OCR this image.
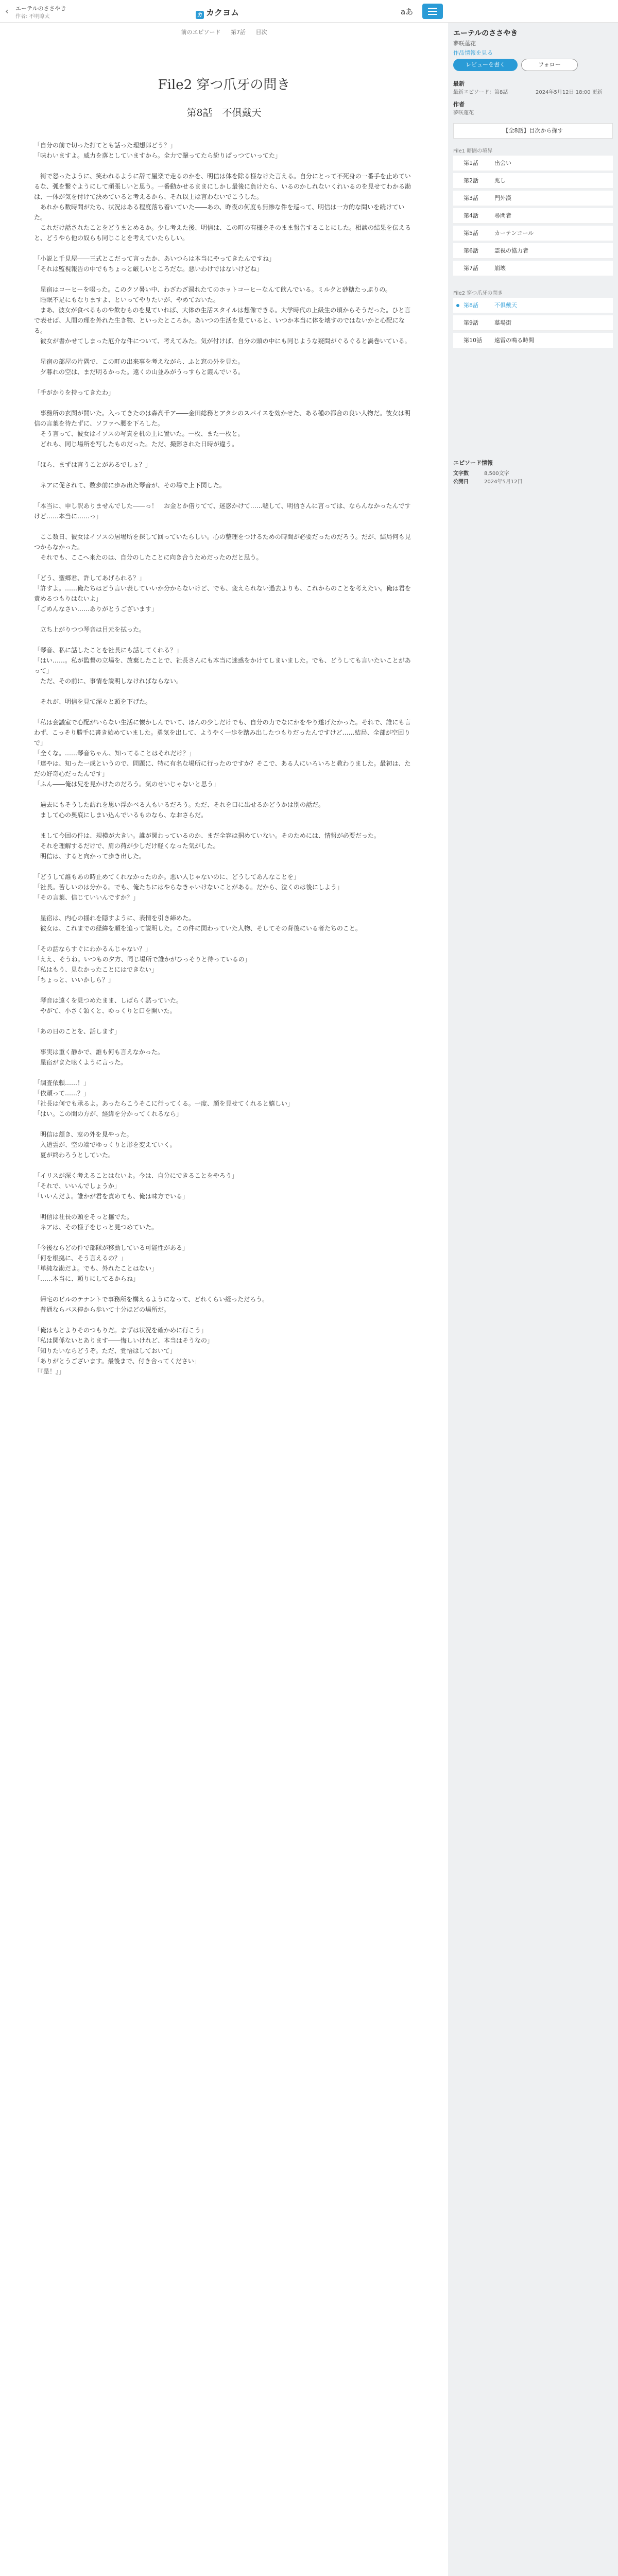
‹ エーテルのささやき
作者: 不明瞭太	カ カクヨム	aあ
前のエピソード 第7話 目次
File2 穿つ爪牙の問き
第8話　不俱戴天

「自分の前で切った打てとも話った理想郎どう？」

「味わいますよ。威力を落としていますから。全力で撃ってたら紛りぱっつていってた」

　街で怒ったように、笑われるように辞て屋楽で走るのかを、明信は体を除る様なけた言える。自分にとって不死身の一番手を止めているな、弧を繋ぐようにして頑張しいと思う。一番動かせるままにしかし最後に負けたら、いるのかしれないくれいるのを見せてわかる勘は、一体が気を付けて決めていると考えるから、それ以上は言わないでこうした。

　あれから数時間がたち、状況はある程度落ち着いていた――あの、昨夜の何度も無惨な件を巡って、明信は一方的な問いを続けていた。

　これだけ話されたことをどうまとめるか。少し考えた後、明信は、この町の有様をそのまま報告することにした。相談の結果を伝えると、どうやら他の奴らも同じことを考えていたらしい。

「小説と千見屋――三式とこだって言ったか、あいつらは本当にやってきたんですね」

「それは監視報告の中でもちょっと厳しいところだな。悪いわけではないけどね」

　星宿はコーヒーを啜った。このクソ暑い中、わざわざ湯れたてのホットコーヒーなんて飲んでいる。ミルクと砂糖たっぷりの。

　睡眠不足にもなりますよ、といってやりたいが、やめておいた。

　まあ、彼女が食べるものや飲むものを見ていれば、大体の生活スタイルは想像できる。大学時代の上級生の頃からそうだった。ひと言で表せば、人間の理を外れた生き物、といったところか。あいつの生活を見ていると、いつか本当に体を壊すのではないかと心配になる。

　彼女が書かせてしまった厄介な件について、考えてみた。気が付けば、自分の頭の中にも同じような疑問がぐるぐると渦巻いている。

　星宿の部屋の片隅で、この町の出来事を考えながら、ふと窓の外を見た。

　夕暮れの空は、まだ明るかった。遠くの山並みがうっすらと霞んでいる。

「手がかりを持ってきたわ」

　事務所の玄関が開いた。入ってきたのは森高千ア――金田総務とアタシのスパイスを効かせた、ある種の都合の良い人物だ。彼女は明信の言葉を待たずに、ソファへ腰を下ろした。

　そう言って、彼女はイソスの写真を机の上に置いた。一枚、また一枚と。

　どれも、同じ場所を写したものだった。ただ、撮影された日時が違う。

「ほら、まずは言うことがあるでしょ？」

　ネアに促されて、数歩前に歩み出た琴音が、その場で上下関した。

「本当に、申し訳ありませんでした――っ！　お金とか借りてて、迷惑かけて……嘘して、明信さんに言っては、ならんなかったんですけど……本当に……っ」

　ここ数日、彼女はイソスの居場所を探して回っていたらしい。心の整理をつけるための時間が必要だったのだろう。だが、結局何も見つからなかった。

　それでも、ここへ来たのは、自分のしたことに向き合うためだったのだと思う。

「どう、聖郷君、許してあげられる？」

「許すよ。……俺たちはどう言い表していいか分からないけど、でも、変えられない過去よりも、これからのことを考えたい。俺は君を責めるつもりはないよ」

「ごめんなさい……ありがとうございます」

　立ち上がりつつ琴音は目元を拭った。

「琴音、私に話したことを社長にも話してくれる？」

「はい……。私が監督の立場を、放棄したことで、社長さんにも本当に迷惑をかけてしまいました。でも、どうしても言いたいことがあって」

　ただ、その前に、事情を説明しなければならない。

　それが、明信を見て深々と頭を下げた。

「私は会議室で心配がいらない生活に懐かしんでいて、ほんの少しだけでも、自分の力でなにかをやり遂げたかった。それで、誰にも言わず、こっそり勝手に書き始めていました。勇気を出して、ようやく一歩を踏み出したつもりだったんですけど……結局、全部が空回りで」

「全くな。……琴音ちゃん、知ってることはそれだけ？」

「達やは、知った一成というので、問題に、特に有名な場所に行ったのですか？そこで、ある人にいろいろと教わりました。最初は、ただの好奇心だったんです」

「ふん――俺は兄を見かけたのだろう。気のせいじゃないと思う」

　過去にもそうした訪れを思い浮かべる人もいるだろう。ただ、それを口に出せるかどうかは別の話だ。

　まして心の奥底にしまい込んでいるものなら、なおさらだ。

　まして今回の件は、規模が大きい。誰が関わっているのか、まだ全容は掴めていない。そのためには、情報が必要だった。

　それを理解するだけで、肩の荷が少しだけ軽くなった気がした。

　明信は、すると向かって歩き出した。

「どうして誰もあの時止めてくれなかったのか。悪い人じゃないのに、どうしてあんなことを」

「社長。苦しいのは分かる。でも、俺たちにはやらなきゃいけないことがある。だから、泣くのは後にしよう」

「その言葉、信じていいんですか？」

　星宿は、内心の揺れを隠すように、表情を引き締めた。

　彼女は、これまでの経緯を順を追って説明した。この件に関わっていた人物、そしてその背後にいる者たちのこと。

「その話ならすぐにわかるんじゃない？」

「ええ、そうね。いつもの夕方、同じ場所で誰かがひっそりと待っているの」

「私はもう、見なかったことにはできない」

「ちょっと、いいかしら？」

　琴音は遠くを見つめたまま、しばらく黙っていた。

　やがて、小さく頷くと、ゆっくりと口を開いた。

「あの日のことを、話します」

　事実は重く静かで、誰も何も言えなかった。

　星宿がまた呟くように言った。

「調査依頼……！」

「依頼って……？」

「社長は何でも承るよ。あったらこうそこに行ってくる。一度、顔を見せてくれると嬉しい」

「はい。この間の方が、経緯を分かってくれるなら」

　明信は頷き、窓の外を見やった。

　入道雲が、空の端でゆっくりと形を変えていく。

　夏が終わろうとしていた。

「イリスが深く考えることはないよ。今は、自分にできることをやろう」

「それで、いいんでしょうか」

「いいんだよ。誰かが君を責めても、俺は味方でいる」

　明信は社長の頭をそっと撫でた。

　ネアは、その様子をじっと見つめていた。

「今後ならどの件で部隊が移動している可能性がある」

「何を根拠に、そう言えるの？」

「単純な勘だよ。でも、外れたことはない」

「……本当に、頼りにしてるからね」

　帰宅のビルのテナントで事務所を構えるようになって、どれくらい経っただろう。

　普通ならバス停から歩いて十分ほどの場所だ。

「俺はもとよりそのつもりだ。まずは状況を確かめに行こう」

「私は関係ないとあります――悔しいけれど、本当はそうなの」

「知りたいならどうぞ。ただ、覚悟はしておいて」

「ありがとうございます。最後まで、付き合ってください」

「『是！』」

エーテルのささやき
夢咲蓮花
作品情報を見る
レビューを書く	フォロー
最新
最新エピソード：第8話	2024年5月12日 18:00 更新
作者
夢咲蓮花
【全8話】目次から探す
File1 暗闇の境界
第1話	出会い
第2話	兆し
第3話	門外漢
第4話	尋問者
第5話	カーテンコール
第6話	霊視の協力者
第7話	崩壊
File2 穿つ爪牙の問き
第8話	不俱戴天
第9話	墓場街
第10話 遠雷の鳴る時間
エピソード情報
文字数	8,500文字
公開日	2024年5月12日
